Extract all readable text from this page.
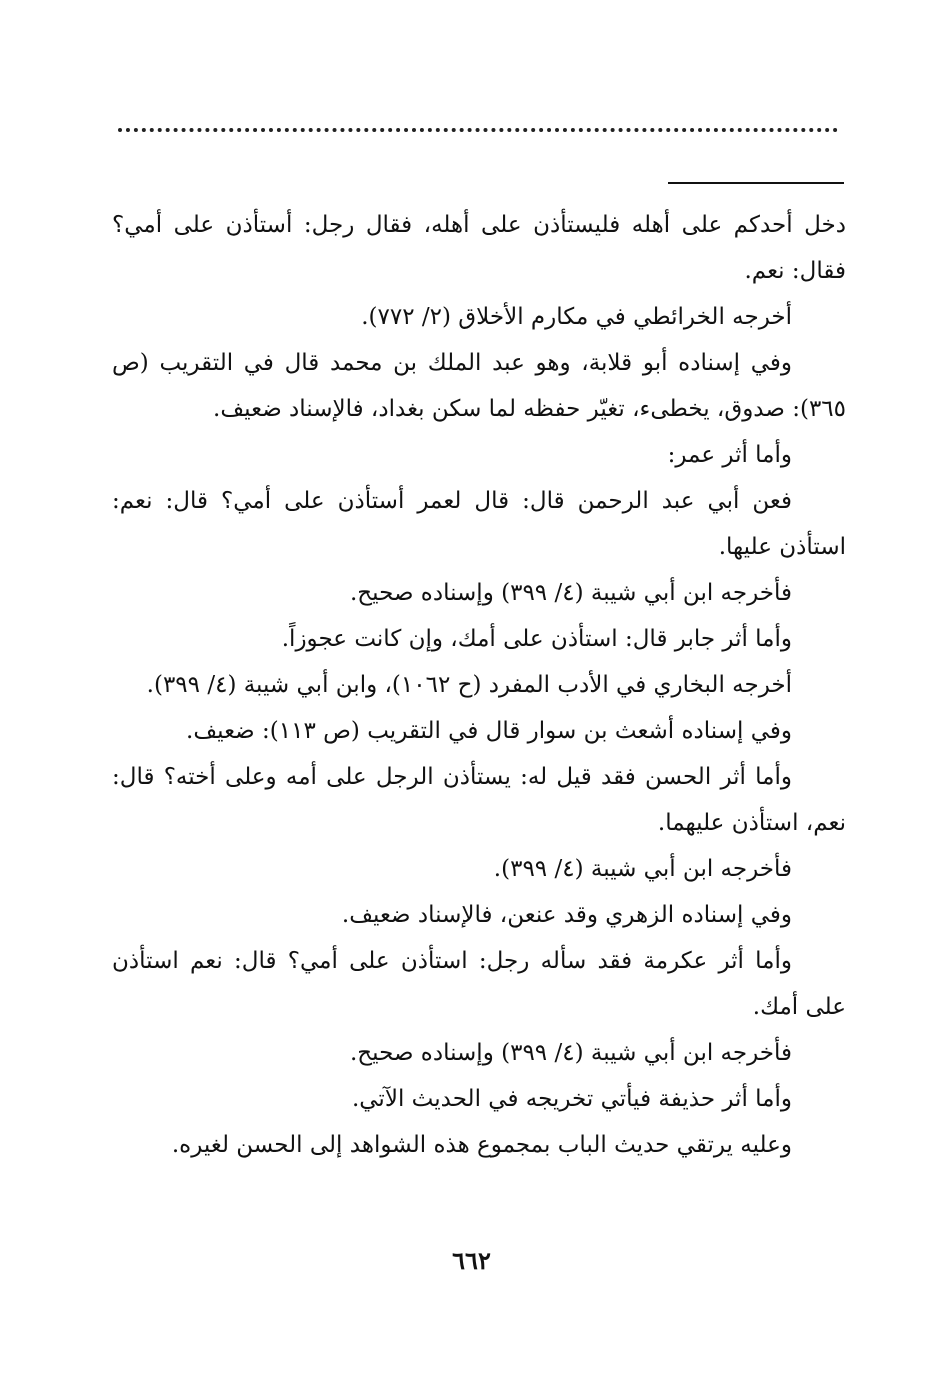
دخل أحدكم على أهله فليستأذن على أهله، فقال رجل: أستأذن على أمي؟ فقال: نعم.

أخرجه الخرائطي في مكارم الأخلاق (٢/ ٧٧٢).

وفي إسناده أبو قلابة، وهو عبد الملك بن محمد قال في التقريب (ص ٣٦٥): صدوق، يخطىء، تغيّر حفظه لما سكن بغداد، فالإسناد ضعيف.

وأما أثر عمر:

فعن أبي عبد الرحمن قال: قال لعمر أستأذن على أمي؟ قال: نعم: استأذن عليها.

فأخرجه ابن أبي شيبة (٤/ ٣٩٩) وإسناده صحيح.

وأما أثر جابر قال: استأذن على أمك، وإن كانت عجوزاً.

أخرجه البخاري في الأدب المفرد (ح ١٠٦٢)، وابن أبي شيبة (٤/ ٣٩٩).

وفي إسناده أشعث بن سوار قال في التقريب (ص ١١٣): ضعيف.

وأما أثر الحسن فقد قيل له: يستأذن الرجل على أمه وعلى أخته؟ قال: نعم، استأذن عليهما.

فأخرجه ابن أبي شيبة (٤/ ٣٩٩).

وفي إسناده الزهري وقد عنعن، فالإسناد ضعيف.

وأما أثر عكرمة فقد سأله رجل: استأذن على أمي؟ قال: نعم استأذن على أمك.

فأخرجه ابن أبي شيبة (٤/ ٣٩٩) وإسناده صحيح.

وأما أثر حذيفة فيأتي تخريجه في الحديث الآتي.

وعليه يرتقي حديث الباب بمجموع هذه الشواهد إلى الحسن لغيره.

٦٦٢
